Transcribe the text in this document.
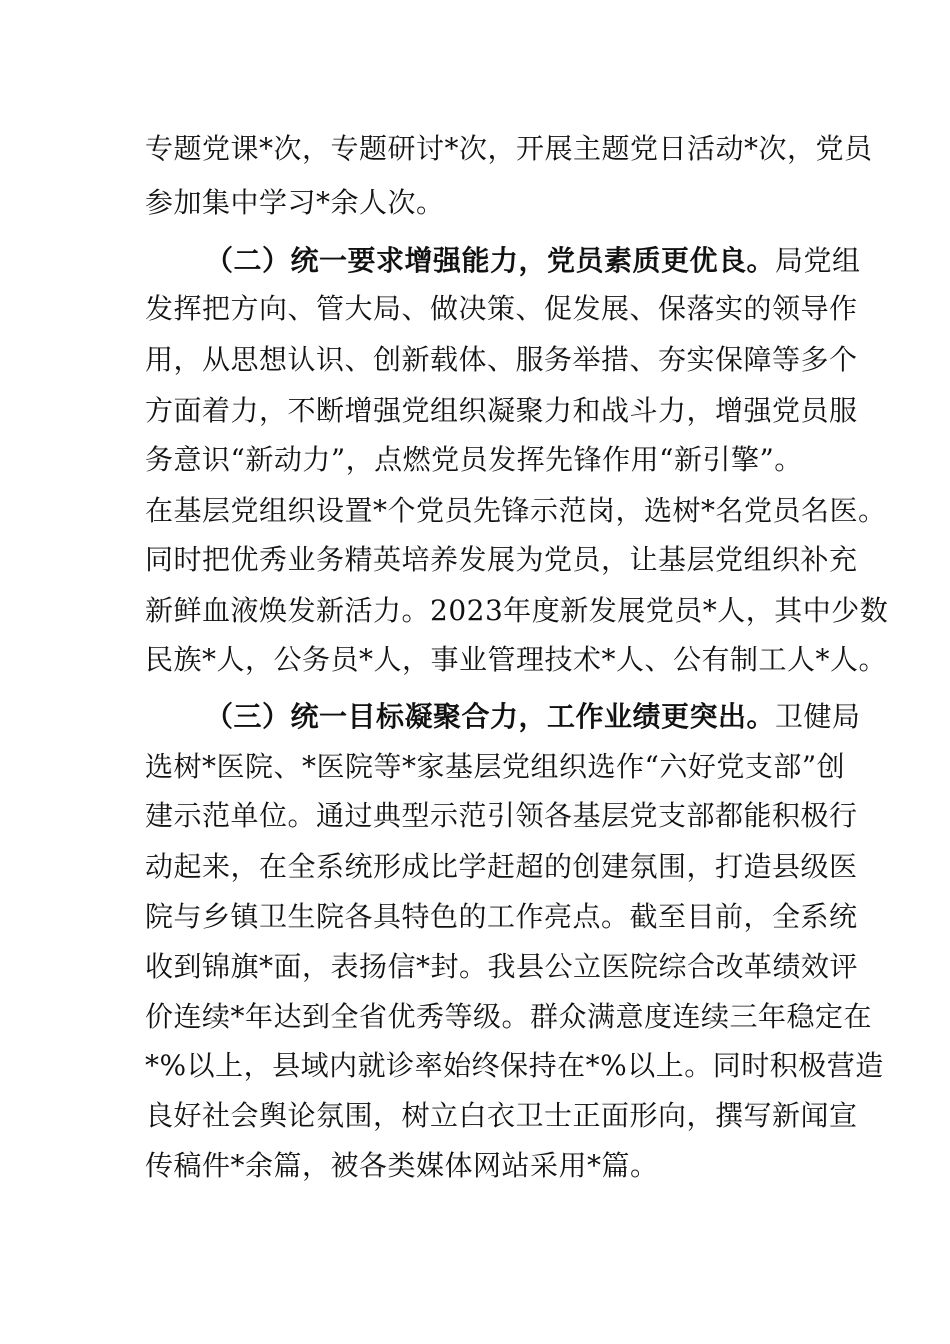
专题党课*次，专题研讨*次，开展主题党日活动*次，党员
参加集中学习*余人次。
（二）统一要求增强能力，党员素质更优良。局党组
发挥把方向、管大局、做决策、促发展、保落实的领导作
用，从思想认识、创新载体、服务举措、夯实保障等多个
方面着力，不断增强党组织凝聚力和战斗力，增强党员服
务意识“新动力”，点燃党员发挥先锋作用“新引擎”。
在基层党组织设置*个党员先锋示范岗，选树*名党员名医。
同时把优秀业务精英培养发展为党员，让基层党组织补充
新鲜血液焕发新活力。2023年度新发展党员*人，其中少数
民族*人，公务员*人，事业管理技术*人、公有制工人*人。
（三）统一目标凝聚合力，工作业绩更突出。卫健局
选树*医院、*医院等*家基层党组织选作“六好党支部”创
建示范单位。通过典型示范引领各基层党支部都能积极行
动起来，在全系统形成比学赶超的创建氛围，打造县级医
院与乡镇卫生院各具特色的工作亮点。截至目前，全系统
收到锦旗*面，表扬信*封。我县公立医院综合改革绩效评
价连续*年达到全省优秀等级。群众满意度连续三年稳定在
*%以上，县域内就诊率始终保持在*%以上。同时积极营造
良好社会舆论氛围，树立白衣卫士正面形向，撰写新闻宣
传稿件*余篇，被各类媒体网站采用*篇。
